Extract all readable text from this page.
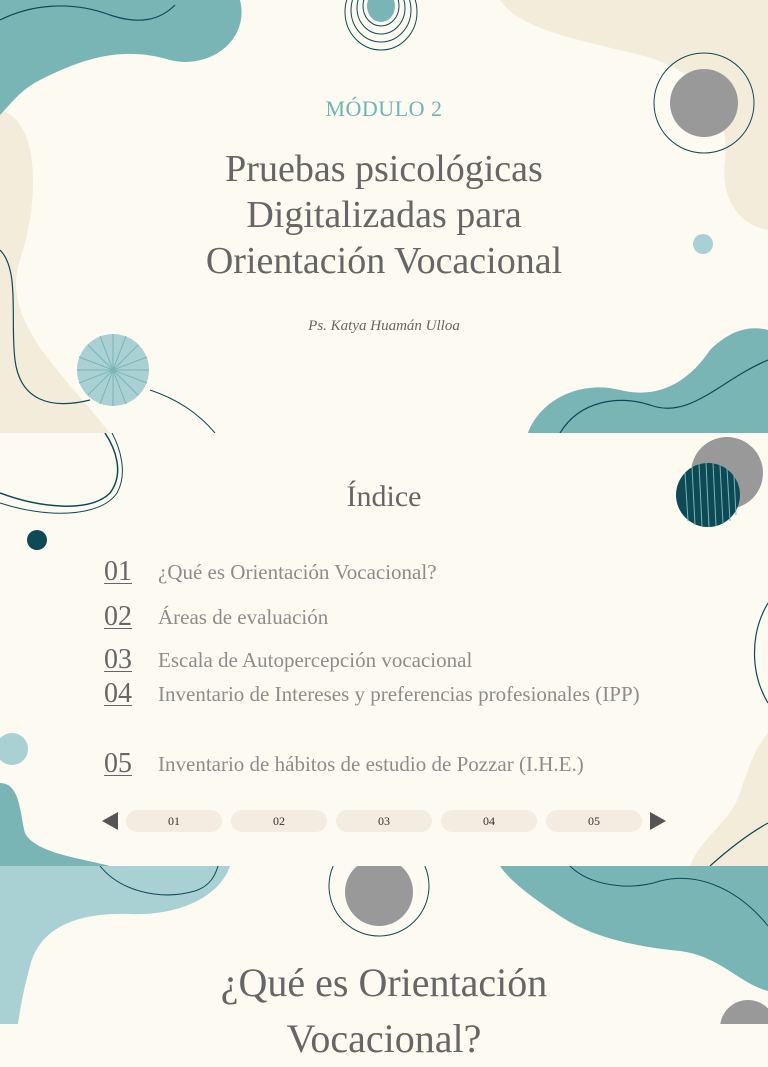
MÓDULO 2
Pruebas psicológicas
Digitalizadas para
Orientación Vocacional
Ps. Katya Huamán Ulloa
Índice
01	¿Qué es Orientación Vocacional?
02	Áreas de evaluación
03	Escala de Autopercepción vocacional
04	Inventario de Intereses y preferencias profesionales (IPP)
05	Inventario de hábitos de estudio de Pozzar (I.H.E.)
01	02	03	04	05
¿Qué es Orientación
Vocacional?
